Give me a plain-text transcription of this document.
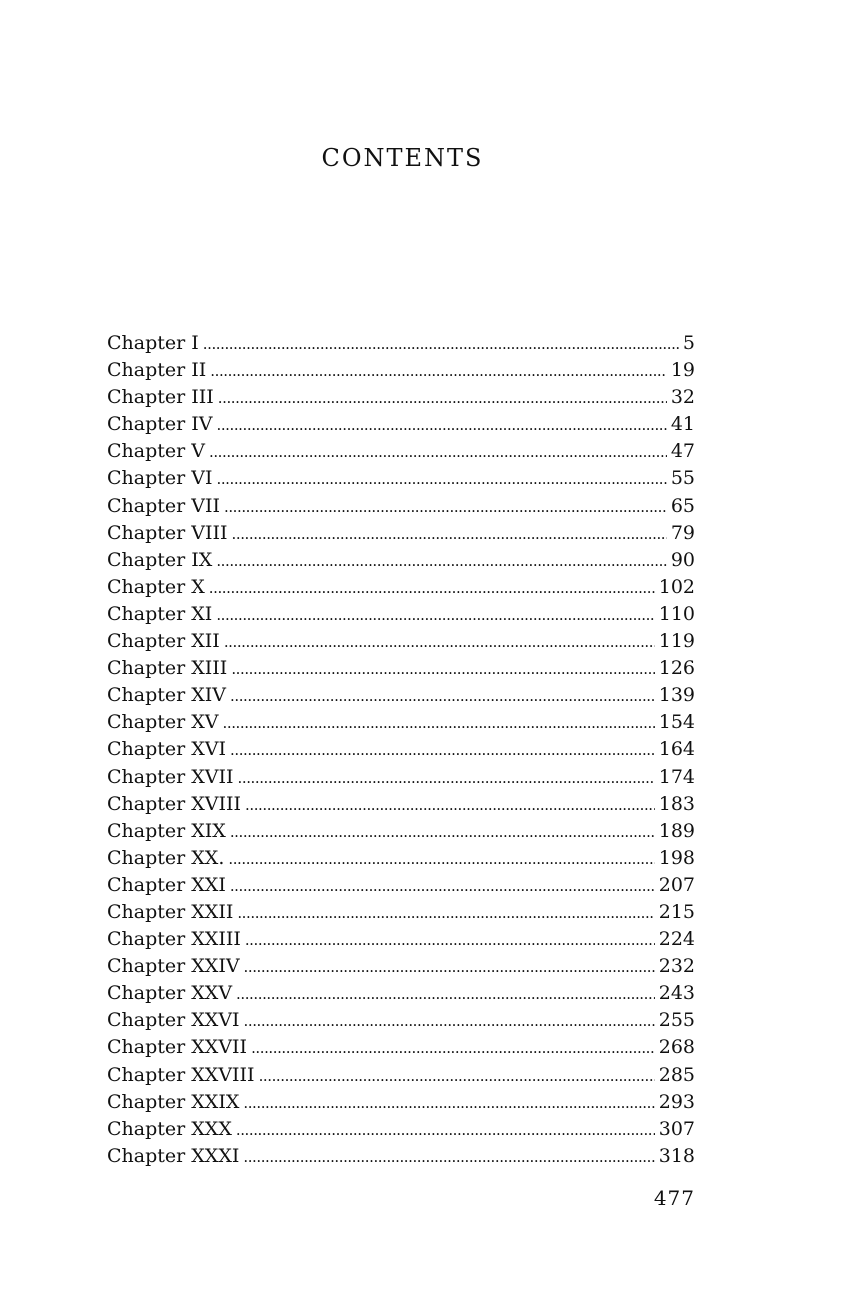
CONTENTS
Chapter I . . .	5
Chapter II . . .	19
Chapter III . . .	32
Chapter IV . . .	41
Chapter V . . .	47
Chapter VI . . .	55
Chapter VII . . .	65
Chapter VIII . . .	79
Chapter IX . . .	90
Chapter X . . .	102
Chapter XI . . .	110
Chapter XII . . .	119
Chapter XIII . . .	126
Chapter XIV . . .	139
Chapter XV . . .	154
Chapter XVI . . .	164
Chapter XVII . . .	174
Chapter XVIII . . .	183
Chapter XIX . . .	189
Chapter XX. . . .	198
Chapter XXI . . .	207
Chapter XXII . . .	215
Chapter XXIII . . .	224
Chapter XXIV . . .	232
Chapter XXV . . .	243
Chapter XXVI . . .	255
Chapter XXVII . . .	268
Chapter XXVIII . . .	285
Chapter XXIX . . .	293
Chapter XXX . . .	307
Chapter XXXI . . .	318
477
